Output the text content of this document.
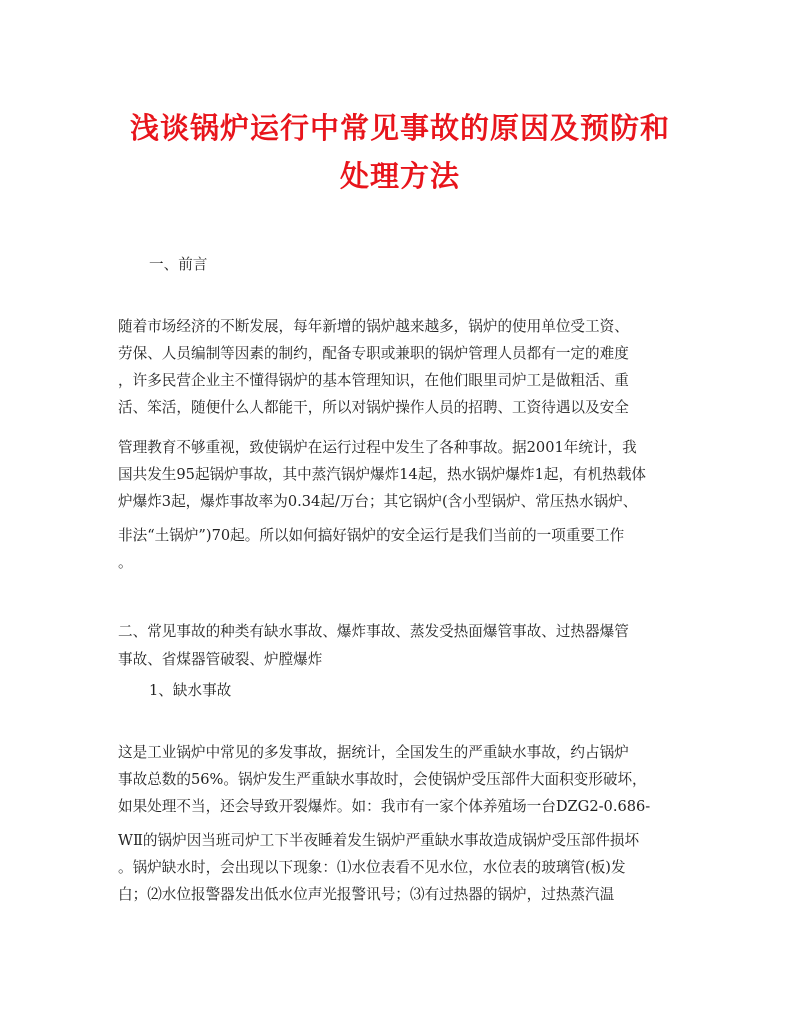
浅谈锅炉运行中常见事故的原因及预防和处理方法
一、前言
随着市场经济的不断发展，每年新增的锅炉越来越多，锅炉的使用单位受工资、
劳保、人员编制等因素的制约，配备专职或兼职的锅炉管理人员都有一定的难度
，许多民营企业主不懂得锅炉的基本管理知识，在他们眼里司炉工是做粗活、重
活、笨活，随便什么人都能干，所以对锅炉操作人员的招聘、工资待遇以及安全
管理教育不够重视，致使锅炉在运行过程中发生了各种事故。据2001年统计，我
国共发生95起锅炉事故，其中蒸汽锅炉爆炸14起，热水锅炉爆炸1起，有机热载体
炉爆炸3起，爆炸事故率为0.34起/万台；其它锅炉(含小型锅炉、常压热水锅炉、
非法“土锅炉”)70起。所以如何搞好锅炉的安全运行是我们当前的一项重要工作
。
二、常见事故的种类有缺水事故、爆炸事故、蒸发受热面爆管事故、过热器爆管
事故、省煤器管破裂、炉膛爆炸
1、缺水事故
这是工业锅炉中常见的多发事故，据统计，全国发生的严重缺水事故，约占锅炉
事故总数的56%。锅炉发生严重缺水事故时，会使锅炉受压部件大面积变形破坏，
如果处理不当，还会导致开裂爆炸。如：我市有一家个体养殖场一台DZG2-0.686-
WⅡ的锅炉因当班司炉工下半夜睡着发生锅炉严重缺水事故造成锅炉受压部件损坏
。锅炉缺水时，会出现以下现象：⑴水位表看不见水位，水位表的玻璃管(板)发
白；⑵水位报警器发出低水位声光报警讯号；⑶有过热器的锅炉，过热蒸汽温
